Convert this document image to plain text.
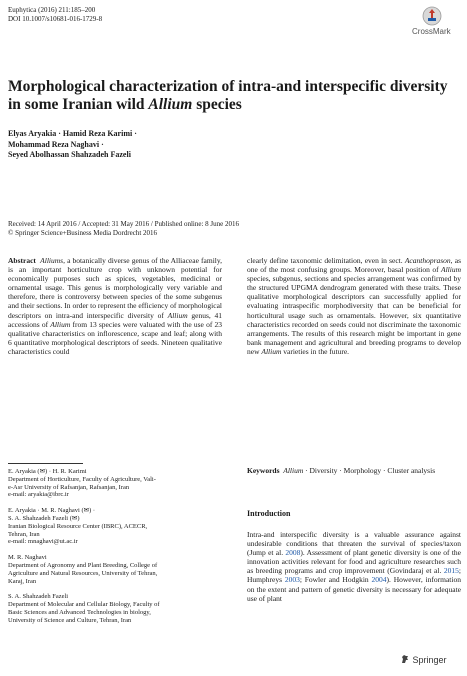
Euphytica (2016) 211:185–200
DOI 10.1007/s10681-016-1729-8
CrossMark
Morphological characterization of intra-and interspecific diversity in some Iranian wild Allium species
Elyas Aryakia · Hamid Reza Karimi ·
Mohammad Reza Naghavi ·
Seyed Abolhassan Shahzadeh Fazeli
Received: 14 April 2016 / Accepted: 31 May 2016 / Published online: 8 June 2016
© Springer Science+Business Media Dordrecht 2016

Abstract Alliums, a botanically diverse genus of the Alliaceae family, is an important horticulture crop with unknown potential for economically purposes such as spices, vegetables, medicinal or ornamental usage. This genus is morphologically very variable and therefore, there is controversy between species of the some subgenus and their sections. In order to represent the efficiency of morphological descriptors on intra-and interspecific diversity of Allium genus, 41 accessions of Allium from 13 species were valuated with the use of 23 qualitative characteristics on inflorescence, scape and leaf; along with 6 quantitative morphological descriptors of seeds. Nineteen qualitative characteristics could

clearly define taxonomic delimitation, even in sect. Acanthoprason, as one of the most confusing groups. Moreover, basal position of Allium species, subgenus, sections and species arrangement was confirmed by the structured UPGMA dendrogram generated with these traits. These qualitative morphological descriptors can successfully applied for evaluating intraspecific morphodiversity that can be beneficial for horticultural usage such as ornamentals. However, six quantitative characteristics recorded on seeds could not discriminate the taxonomic arrangements. The results of this research might be important in gene bank management and agricultural and breeding programs to develop new Allium varieties in the future.

E. Aryakia (✉) · H. R. Karimi
Department of Horticulture, Faculty of Agriculture, Vali-
e-Asr University of Rafsanjan, Rafsanjan, Iran
e-mail: aryakia@ibrc.ir
E. Aryakia · M. R. Naghavi (✉) ·
S. A. Shahzadeh Fazeli (✉)
Iranian Biological Resource Center (IBRC), ACECR,
Tehran, Iran
e-mail: mnaghavi@ut.ac.ir
M. R. Naghavi
Department of Agronomy and Plant Breeding, College of
Agriculture and Natural Resources, University of Tehran,
Karaj, Iran
S. A. Shahzadeh Fazeli
Department of Molecular and Cellular Biology, Faculty of
Basic Sciences and Advanced Technologies in biology,
University of Science and Culture, Tehran, Iran
Keywords Allium · Diversity · Morphology · Cluster analysis
Introduction

Intra-and interspecific diversity is a valuable assurance against undesirable conditions that threaten the survival of species/taxon (Jump et al. 2008). Assessment of plant genetic diversity is one of the innovation activities relevant for food and agriculture researches such as breeding programs and crop improvement (Govindaraj et al. 2015; Humphreys 2003; Fowler and Hodgkin 2004). However, information on the extent and pattern of genetic diversity is necessary for adequate use of plant

Springer
